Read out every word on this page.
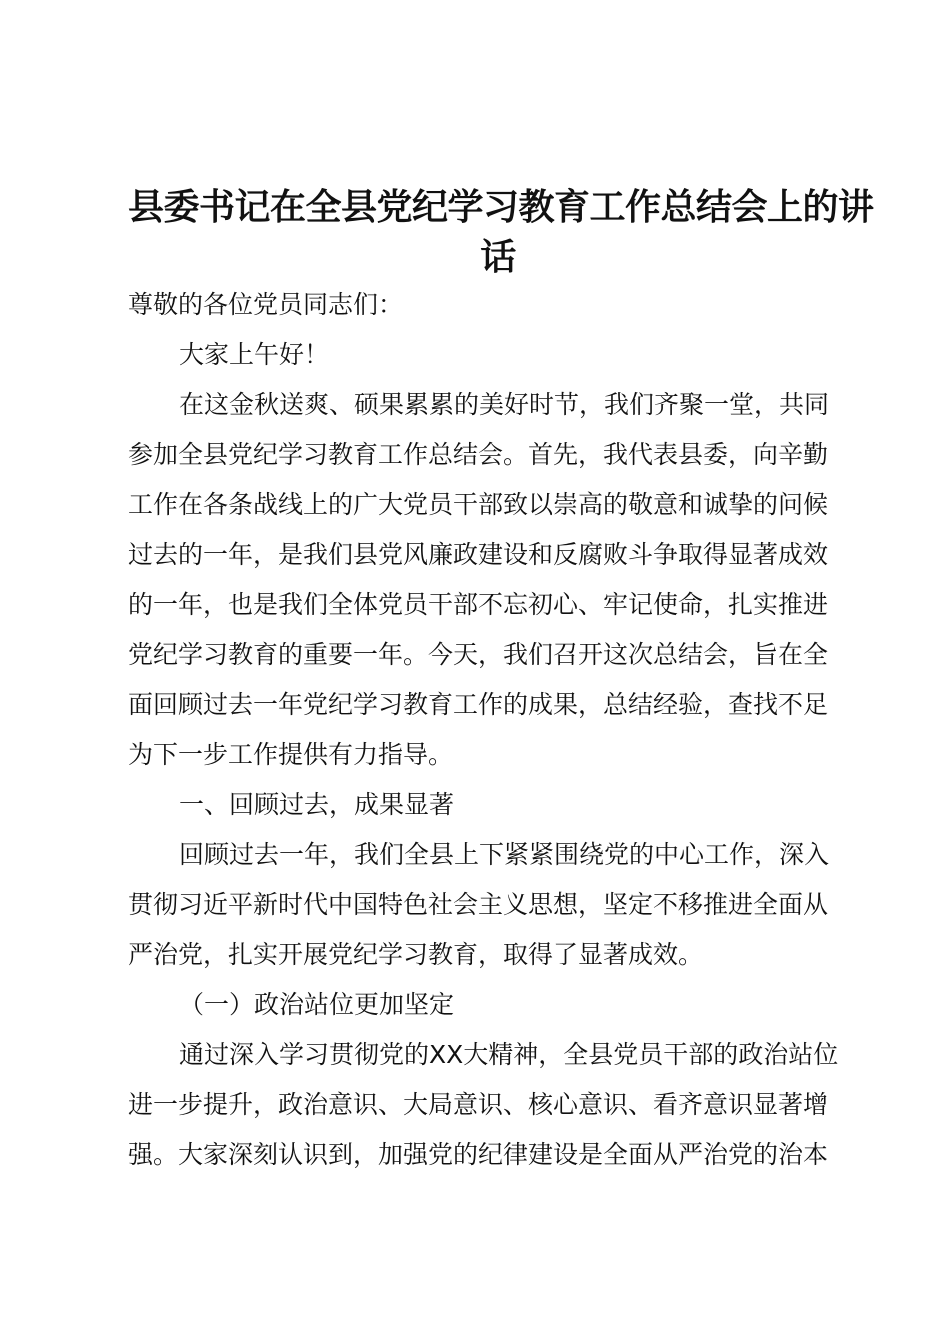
县委书记在全县党纪学习教育工作总结会上的讲
话
尊敬的各位党员同志们：
大家上午好！
在这金秋送爽、硕果累累的美好时节，我们齐聚一堂，共同
参加全县党纪学习教育工作总结会。首先，我代表县委，向辛勤
工作在各条战线上的广大党员干部致以崇高的敬意和诚挚的问候
过去的一年，是我们县党风廉政建设和反腐败斗争取得显著成效
的一年，也是我们全体党员干部不忘初心、牢记使命，扎实推进
党纪学习教育的重要一年。今天，我们召开这次总结会，旨在全
面回顾过去一年党纪学习教育工作的成果，总结经验，查找不足
为下一步工作提供有力指导。
一、回顾过去，成果显著
回顾过去一年，我们全县上下紧紧围绕党的中心工作，深入
贯彻习近平新时代中国特色社会主义思想，坚定不移推进全面从
严治党，扎实开展党纪学习教育，取得了显著成效。
（一）政治站位更加坚定
通过深入学习贯彻党的XX大精神，全县党员干部的政治站位
进一步提升，政治意识、大局意识、核心意识、看齐意识显著增
强。大家深刻认识到，加强党的纪律建设是全面从严治党的治本
